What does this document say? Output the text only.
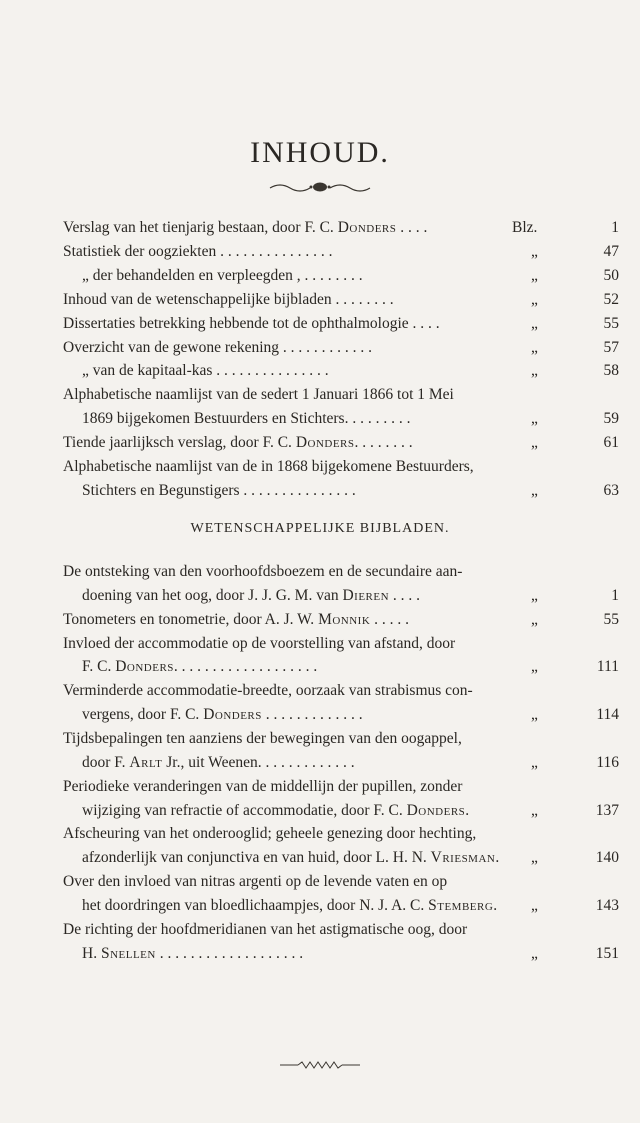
INHOUD.
Verslag van het tienjarig bestaan, door F. C. Donders . . . .	Blz.	1
Statistiek der oogziekten . . . . . . . . . . . . . . .	„	47
„ der behandelden en verpleegden , . . . . . . . .	„	50
Inhoud van de wetenschappelijke bijbladen . . . . . . . .	„	52
Dissertaties betrekking hebbende tot de ophthalmologie . . . .	„	55
Overzicht van de gewone rekening . . . . . . . . . . . .	„	57
„ van de kapitaal-kas . . . . . . . . . . . . . . .	„	58
Alphabetische naamlijst van de sedert 1 Januari 1866 tot 1 Mei
1869 bijgekomen Bestuurders en Stichters. . . . . . . . .	„	59
Tiende jaarlijksch verslag, door F. C. Donders. . . . . . . .	„	61
Alphabetische naamlijst van de in 1868 bijgekomene Bestuurders,
Stichters en Begunstigers . . . . . . . . . . . . . . .	„	63
WETENSCHAPPELIJKE BIJBLADEN.
De ontsteking van den voorhoofdsboezem en de secundaire aan-
doening van het oog, door J. J. G. M. van Dieren . . . .	„	1
Tonometers en tonometrie, door A. J. W. Monnik . . . . .	„	55
Invloed der accommodatie op de voorstelling van afstand, door
F. C. Donders. . . . . . . . . . . . . . . . . . .	„	111
Verminderde accommodatie-breedte, oorzaak van strabismus con-
vergens, door F. C. Donders . . . . . . . . . . . . .	„	114
Tijdsbepalingen ten aanziens der bewegingen van den oogappel,
door F. Arlt Jr., uit Weenen. . . . . . . . . . . . .	„	116
Periodieke veranderingen van de middellijn der pupillen, zonder
wijziging van refractie of accommodatie, door F. C. Donders.	„	137
Afscheuring van het onderooglid; geheele genezing door hechting,
afzonderlijk van conjunctiva en van huid, door L. H. N. Vriesman. „	140
Over den invloed van nitras argenti op de levende vaten en op
het doordringen van bloedlichaampjes, door N. J. A. C. Stemberg. „	143
De richting der hoofdmeridianen van het astigmatische oog, door
H. Snellen . . . . . . . . . . . . . . . . . . .	„	151
